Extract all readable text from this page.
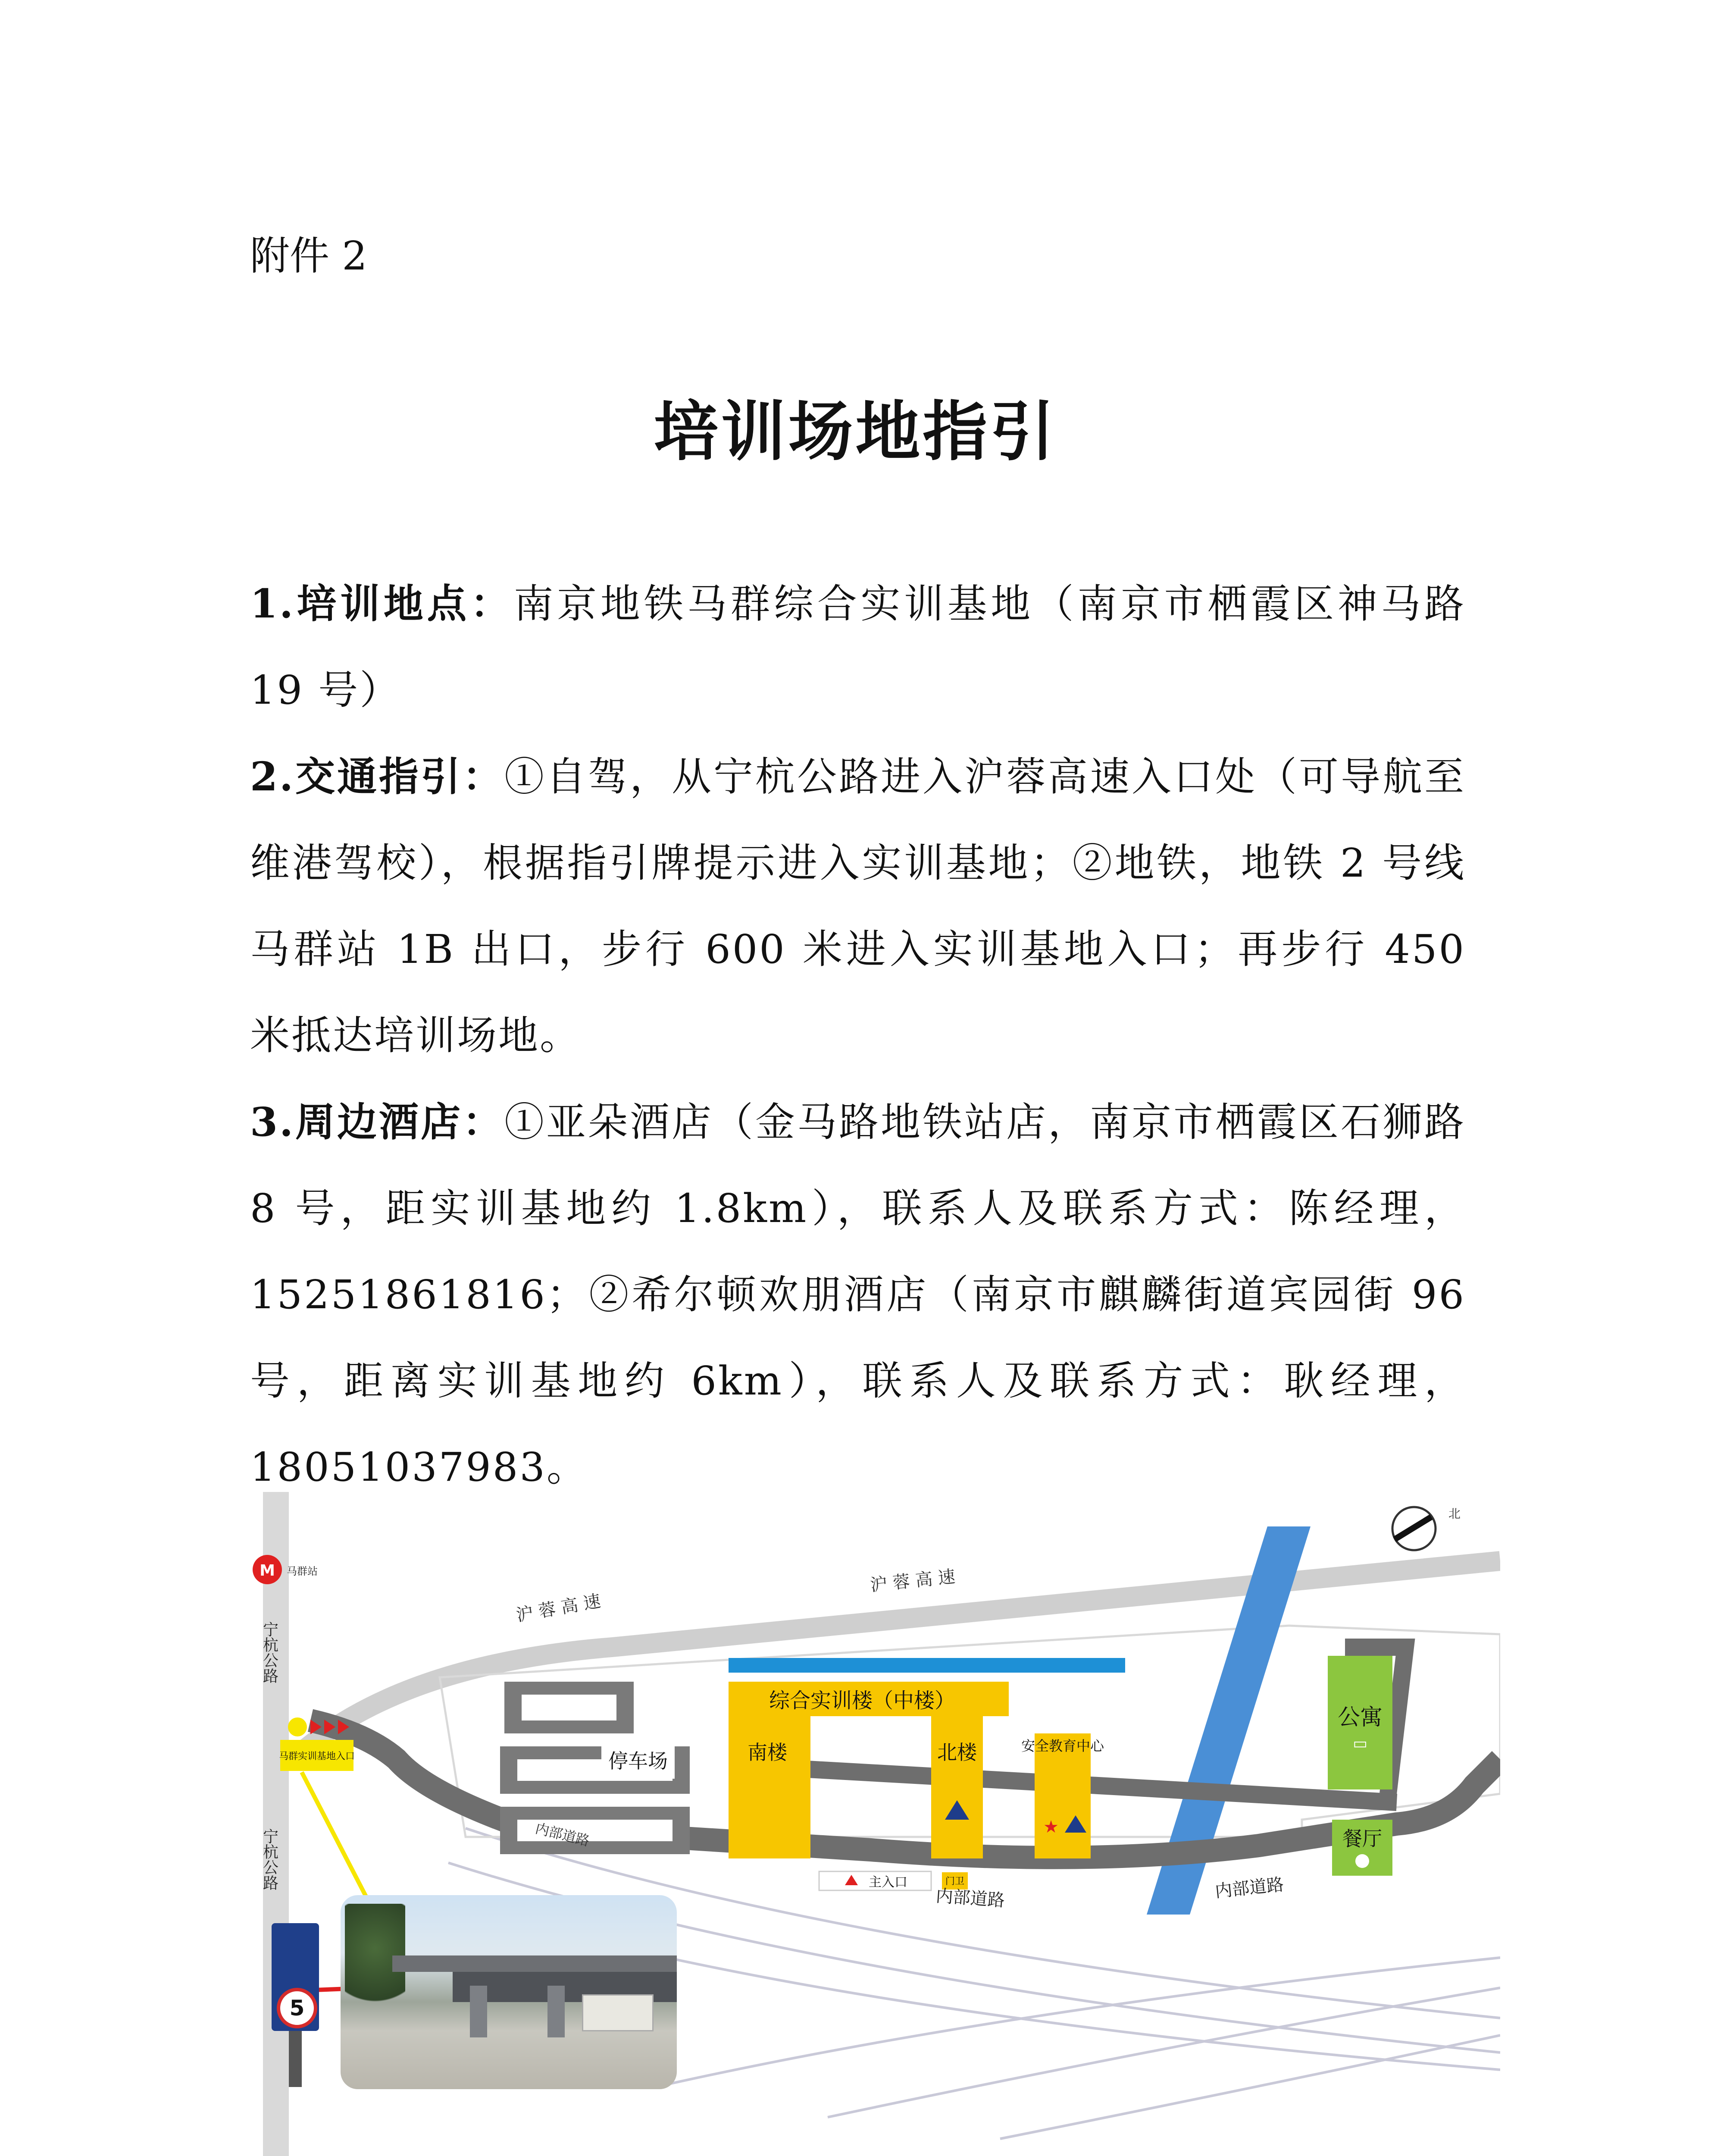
附件 2
培训场地指引

1.培训地点：南京地铁马群综合实训基地（南京市栖霞区神马路 19 号）

2.交通指引：①自驾，从宁杭公路进入沪蓉高速入口处（可导航至维港驾校），根据指引牌提示进入实训基地；②地铁，地铁 2 号线马群站 1B 出口，步行 600 米进入实训基地入口；再步行 450 米抵达培训场地。

3.周边酒店：①亚朵酒店（金马路地铁站店，南京市栖霞区石狮路 8 号，距实训基地约 1.8km），联系人及联系方式：陈经理，15251861816；②希尔顿欢朋酒店（南京市麒麟街道宾园街 96 号，距离实训基地约 6km），联系人及联系方式：耿经理，18051037983。

停车场
综合实训楼（中楼）
南楼	北楼	安全教育中心
★
公寓
▭
餐厅
主入口	门卫
沪 蓉 高 速
沪 蓉 高 速
内部道路
内部道路	内部道路
宁杭公路
宁杭公路
M 马群站
马群实训基地入口
北
5
